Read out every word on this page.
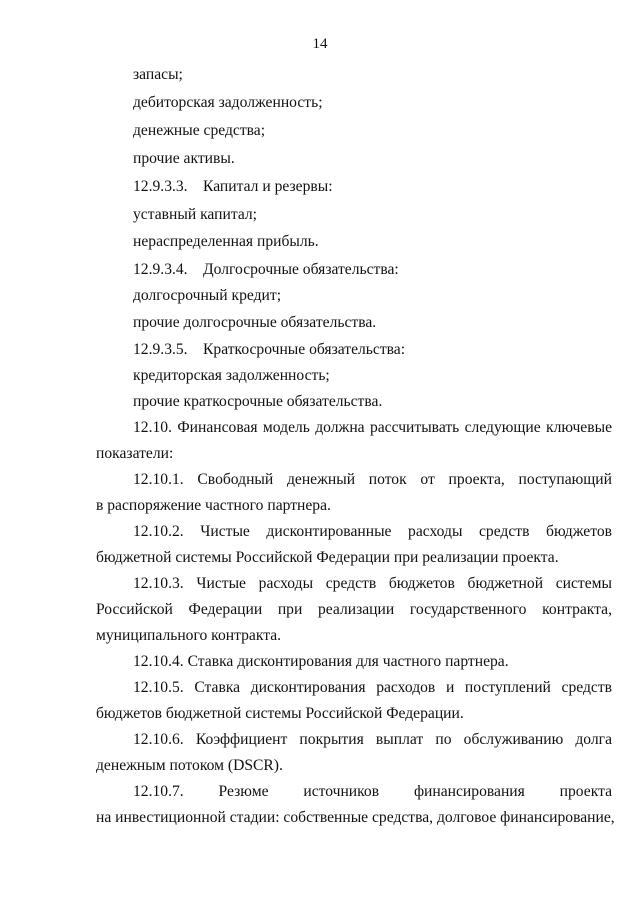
14
запасы;
дебиторская задолженность;
денежные средства;
прочие активы.
12.9.3.3. Капитал и резервы:
уставный капитал;
нераспределенная прибыль.
12.9.3.4. Долгосрочные обязательства:
долгосрочный кредит;
прочие долгосрочные обязательства.
12.9.3.5. Краткосрочные обязательства:
кредиторская задолженность;
прочие краткосрочные обязательства.
12.10. Финансовая модель должна рассчитывать следующие ключевые
показатели:
12.10.1. Свободный денежный поток от проекта, поступающий
в распоряжение частного партнера.
12.10.2. Чистые дисконтированные расходы средств бюджетов
бюджетной системы Российской Федерации при реализации проекта.
12.10.3. Чистые расходы средств бюджетов бюджетной системы
Российской Федерации при реализации государственного контракта,
муниципального контракта.
12.10.4. Ставка дисконтирования для частного партнера.
12.10.5. Ставка дисконтирования расходов и поступлений средств
бюджетов бюджетной системы Российской Федерации.
12.10.6. Коэффициент покрытия выплат по обслуживанию долга
денежным потоком (DSCR).
12.10.7. Резюме источников финансирования проекта
на инвестиционной стадии: собственные средства, долговое финансирование,
